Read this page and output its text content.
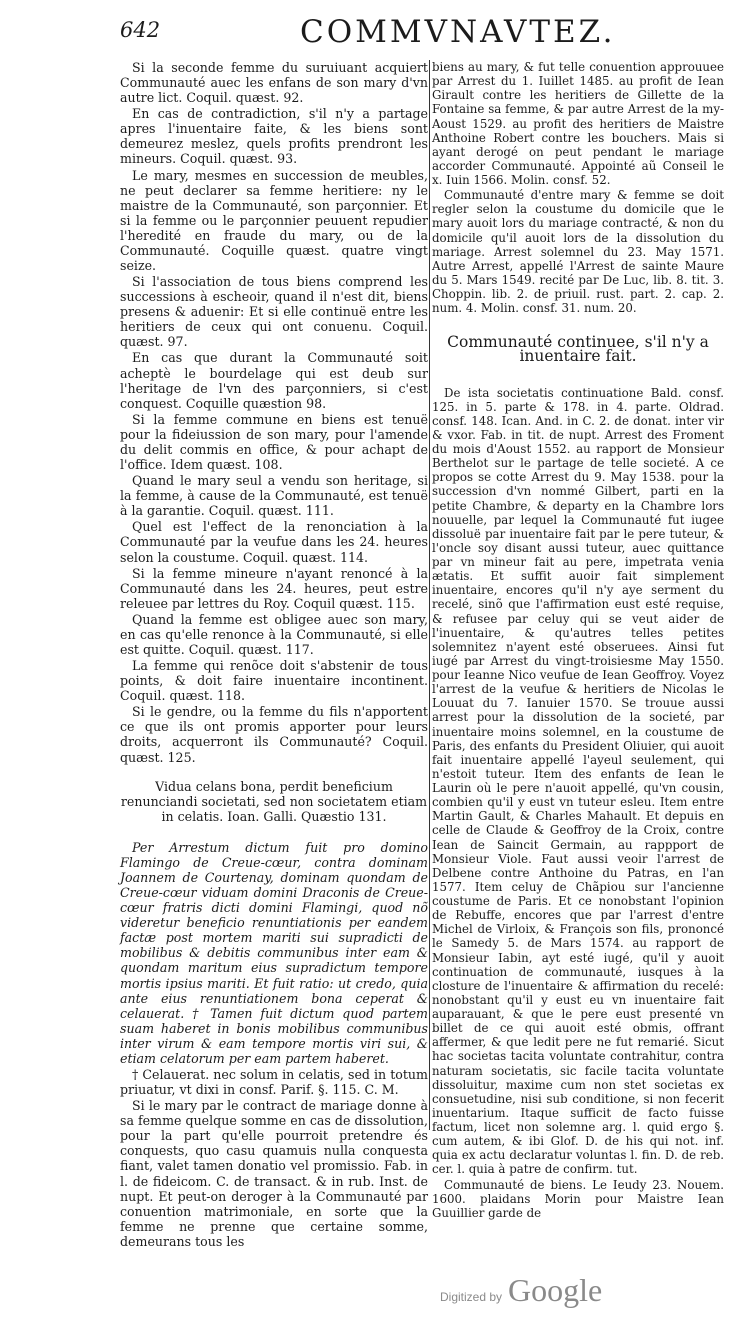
642	COMMVNAVTEZ.

Si la seconde femme du suruiuant acquiert Communauté auec les enfans de son mary d'vn autre lict. Coquil. quæst. 92.

En cas de contradiction, s'il n'y a partage apres l'inuentaire faite, & les biens sont demeurez meslez, quels profits prendront les mineurs. Coquil. quæst. 93.

Le mary, mesmes en succession de meubles, ne peut declarer sa femme heritiere: ny le maistre de la Communauté, son parçonnier. Et si la femme ou le parçonnier peuuent repudier l'heredité en fraude du mary, ou de la Communauté. Coquille quæst. quatre vingt seize.

Si l'association de tous biens comprend les successions à escheoir, quand il n'est dit, biens presens & aduenir: Et si elle continuë entre les heritiers de ceux qui ont conuenu. Coquil. quæst. 97.

En cas que durant la Communauté soit acheptè le bourdelage qui est deub sur l'heritage de l'vn des parçonniers, si c'est conquest. Coquille quæstion 98.

Si la femme commune en biens est tenuë pour la fideiussion de son mary, pour l'amende du delit commis en office, & pour achapt de l'office. Idem quæst. 108.

Quand le mary seul a vendu son heritage, si la femme, à cause de la Communauté, est tenuë à la garantie. Coquil. quæst. 111.

Quel est l'effect de la renonciation à la Communauté par la veufue dans les 24. heures selon la coustume. Coquil. quæst. 114.

Si la femme mineure n'ayant renoncé à la Communauté dans les 24. heures, peut estre releuee par lettres du Roy. Coquil quæst. 115.

Quand la femme est obligee auec son mary, en cas qu'elle renonce à la Communauté, si elle est quitte. Coquil. quæst. 117.

La femme qui renõce doit s'abstenir de tous points, & doit faire inuentaire incontinent. Coquil. quæst. 118.

Si le gendre, ou la femme du fils n'apportent ce que ils ont promis apporter pour leurs droits, acquerront ils Communauté? Coquil. quæst. 125.

Vidua celans bona, perdit beneficium renunciandi societati, sed non societatem etiam in celatis. Ioan. Galli. Quæstio 131.

Per Arrestum dictum fuit pro domino Flamingo de Creue-cœur, contra dominam Joannem de Courtenay, dominam quondam de Creue-cœur viduam domini Draconis de Creue-cœur fratris dicti domini Flamingi, quod nõ videretur beneficio renuntiationis per eandem factæ post mortem mariti sui supradicti de mobilibus & debitis communibus inter eam & quondam maritum eius supradictum tempore mortis ipsius mariti. Et fuit ratio: ut credo, quia ante eius renuntiationem bona ceperat & celauerat. † Tamen fuit dictum quod partem suam haberet in bonis mobilibus communibus inter virum & eam tempore mortis viri sui, & etiam celatorum per eam partem haberet.

† Celauerat. nec solum in celatis, sed in totum priuatur, vt dixi in consf. Parif. §. 115. C. M.

Si le mary par le contract de mariage donne à sa femme quelque somme en cas de dissolution, pour la part qu'elle pourroit pretendre és conquests, quo casu quamuis nulla conquesta fiant, valet tamen donatio vel promissio. Fab. in l. de fideicom. C. de transact. & in rub. Inst. de nupt. Et peut-on deroger à la Communauté par conuention matrimoniale, en sorte que la femme ne prenne que certaine somme, demeurans tous les

biens au mary, & fut telle conuention approuuee par Arrest du 1. Iuillet 1485. au profit de Iean Girault contre les heritiers de Gillette de la Fontaine sa femme, & par autre Arrest de la my-Aoust 1529. au profit des heritiers de Maistre Anthoine Robert contre les bouchers. Mais si ayant derogé on peut pendant le mariage accorder Communauté. Appointé aũ Conseil le x. Iuin 1566. Molin. consf. 52.

Communauté d'entre mary & femme se doit regler selon la coustume du domicile que le mary auoit lors du mariage contracté, & non du domicile qu'il auoit lors de la dissolution du mariage. Arrest solemnel du 23. May 1571. Autre Arrest, appellé l'Arrest de sainte Maure du 5. Mars 1549. recité par De Luc, lib. 8. tit. 3. Choppin. lib. 2. de priuil. rust. part. 2. cap. 2. num. 4. Molin. consf. 31. num. 20.

Communauté continuee, s'il n'y a inuentaire fait.

De ista societatis continuatione Bald. consf. 125. in 5. parte & 178. in 4. parte. Oldrad. consf. 148. Ican. And. in C. 2. de donat. inter vir & vxor. Fab. in tit. de nupt. Arrest des Froment du mois d'Aoust 1552. au rapport de Monsieur Berthelot sur le partage de telle societé. A ce propos se cotte Arrest du 9. May 1538. pour la succession d'vn nommé Gilbert, parti en la petite Chambre, & departy en la Chambre lors nouuelle, par lequel la Communauté fut iugee dissoluë par inuentaire fait par le pere tuteur, & l'oncle soy disant aussi tuteur, auec quittance par vn mineur fait au pere, impetrata venia ætatis. Et suffit auoir fait simplement inuentaire, encores qu'il n'y aye serment du recelé, sinõ que l'affirmation eust esté requise, & refusee par celuy qui se veut aider de l'inuentaire, & qu'autres telles petites solemnitez n'ayent esté obseruees. Ainsi fut iugé par Arrest du vingt-troisiesme May 1550. pour Ieanne Nico veufue de Iean Geoffroy. Voyez l'arrest de la veufue & heritiers de Nicolas le Louuat du 7. Ianuier 1570. Se trouue aussi arrest pour la dissolution de la societé, par inuentaire moins solemnel, en la coustume de Paris, des enfants du President Oliuier, qui auoit fait inuentaire appellé l'ayeul seulement, qui n'estoit tuteur. Item des enfants de Iean le Laurin où le pere n'auoit appellé, qu'vn cousin, combien qu'il y eust vn tuteur esleu. Item entre Martin Gault, & Charles Mahault. Et depuis en celle de Claude & Geoffroy de la Croix, contre Iean de Saincit Germain, au rappport de Monsieur Viole. Faut aussi veoir l'arrest de Delbene contre Anthoine du Patras, en l'an 1577. Item celuy de Chãpiou sur l'ancienne coustume de Paris. Et ce nonobstant l'opinion de Rebuffe, encores que par l'arrest d'entre Michel de Virloix, & François son fils, prononcé le Samedy 5. de Mars 1574. au rapport de Monsieur Iabin, ayt esté iugé, qu'il y auoit continuation de communauté, iusques à la closture de l'inuentaire & affirmation du recelé: nonobstant qu'il y eust eu vn inuentaire fait auparauant, & que le pere eust presenté vn billet de ce qui auoit esté obmis, offrant affermer, & que ledit pere ne fut remarié. Sicut hac societas tacita voluntate contrahitur, contra naturam societatis, sic facile tacita voluntate dissoluitur, maxime cum non stet societas ex consuetudine, nisi sub conditione, si non fecerit inuentarium. Itaque sufficit de facto fuisse factum, licet non solemne arg. l. quid ergo §. cum autem, & ibi Glof. D. de his qui not. inf. quia ex actu declaratur voluntas l. fin. D. de reb. cer. l. quia à patre de confirm. tut.

Communauté de biens. Le Ieudy 23. Nouem. 1600. plaidans Morin pour Maistre Iean Guuillier garde de

Digitized by Google
